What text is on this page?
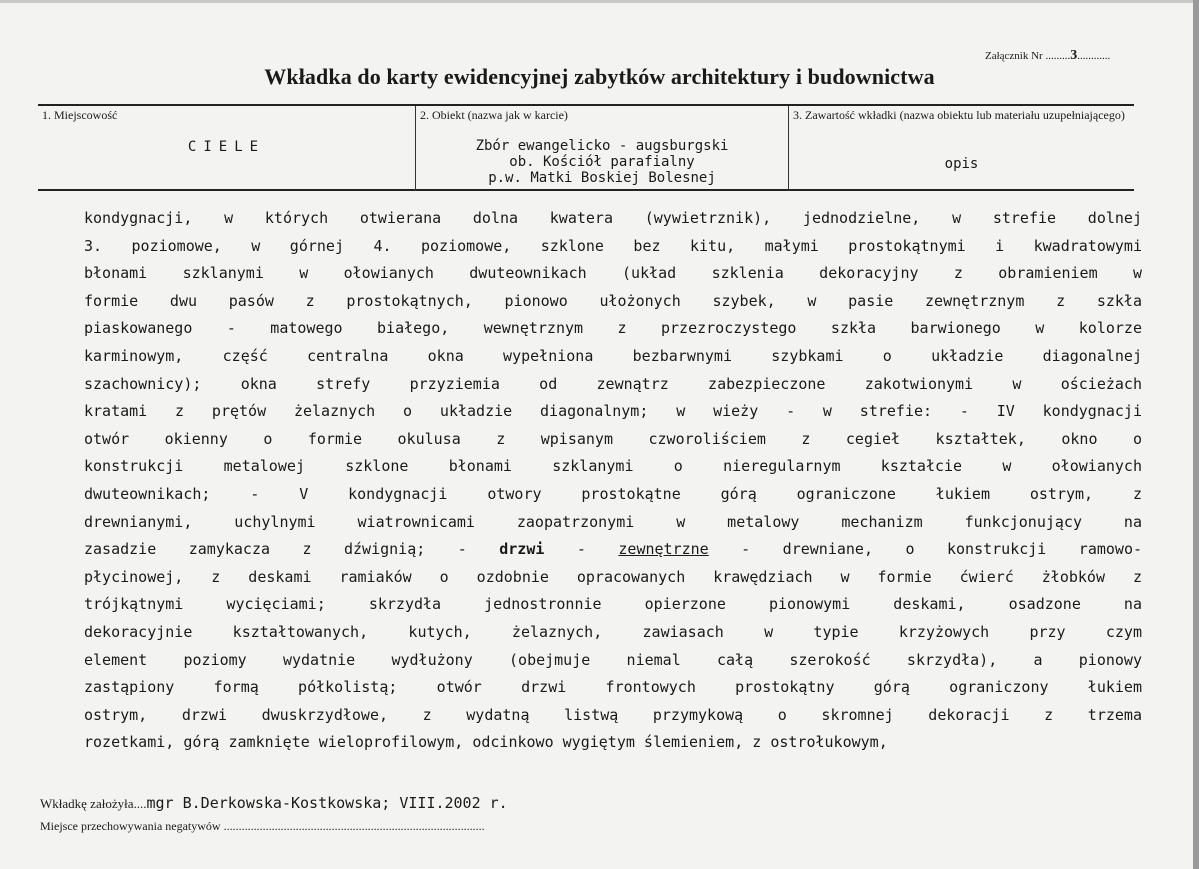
Załącznik Nr .........3............
Wkładka do karty ewidencyjnej zabytków architektury i budownictwa
1. Miejscowość
CIELE
2. Obiekt (nazwa jak w karcie)
Zbór ewangelicko - augsburgski
ob. Kościół parafialny
p.w. Matki Boskiej Bolesnej
3. Zawartość wkładki (nazwa obiektu lub materiału uzupełniającego)
opis
kondygnacji, w których otwierana dolna kwatera (wywietrznik), jednodzielne, w strefie dolnej
3. poziomowe, w górnej 4. poziomowe, szklone bez kitu, małymi prostokątnymi i kwadratowymi
błonami szklanymi w ołowianych dwuteownikach (układ szklenia dekoracyjny z obramieniem w
formie dwu pasów z prostokątnych, pionowo ułożonych szybek, w pasie zewnętrznym z szkła
piaskowanego - matowego białego, wewnętrznym z przezroczystego szkła barwionego w kolorze
karminowym, część centralna okna wypełniona bezbarwnymi szybkami o układzie diagonalnej
szachownicy); okna strefy przyziemia od zewnątrz zabezpieczone zakotwionymi w ościeżach
kratami z prętów żelaznych o układzie diagonalnym; w wieży - w strefie: - IV kondygnacji
otwór okienny o formie okulusa z wpisanym czworoliściem z cegieł kształtek, okno o
konstrukcji metalowej szklone błonami szklanymi o nieregularnym kształcie w ołowianych
dwuteownikach; - V kondygnacji otwory prostokątne górą ograniczone łukiem ostrym, z
drewnianymi, uchylnymi wiatrownicami zaopatrzonymi w metalowy mechanizm funkcjonujący na
zasadzie zamykacza z dźwignią; - drzwi - zewnętrzne - drewniane, o konstrukcji ramowo-
płycinowej, z deskami ramiaków o ozdobnie opracowanych krawędziach w formie ćwierć żłobków z
trójkątnymi wycięciami; skrzydła jednostronnie opierzone pionowymi deskami, osadzone na
dekoracyjnie kształtowanych, kutych, żelaznych, zawiasach w typie krzyżowych przy czym
element poziomy wydatnie wydłużony (obejmuje niemal całą szerokość skrzydła), a pionowy
zastąpiony formą półkolistą; otwór drzwi frontowych prostokątny górą ograniczony łukiem
ostrym, drzwi dwuskrzydłowe, z wydatną listwą przymykową o skromnej dekoracji z trzema
rozetkami, górą zamknięte wieloprofilowym, odcinkowo wygiętym ślemieniem, z ostrołukowym,
Wkładkę założyła....mgr B.Derkowska-Kostkowska; VIII.2002 r.
Miejsce przechowywania negatywów .......................................................................................
